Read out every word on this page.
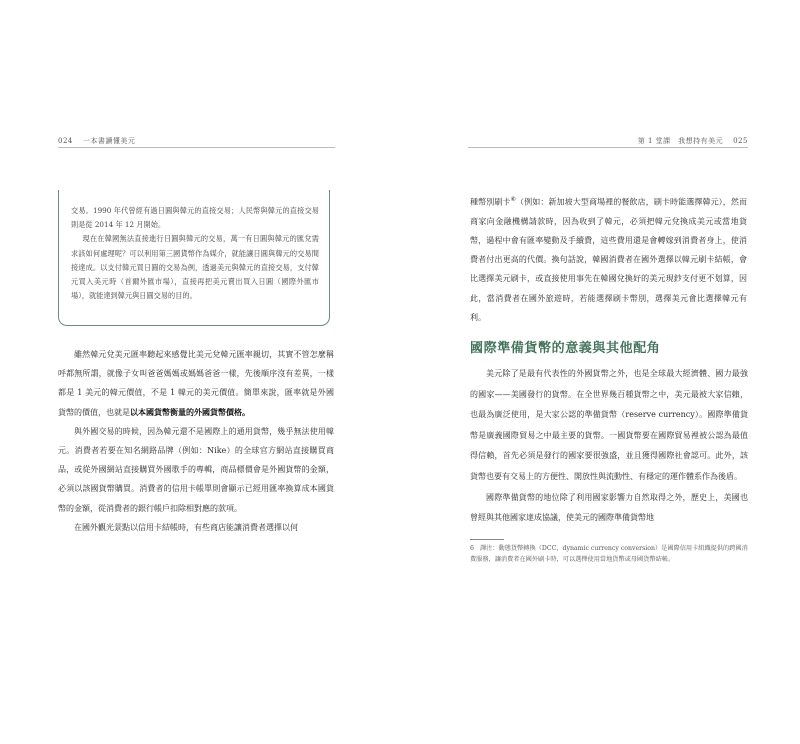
024 一本書讀懂美元

交易。1990 年代曾經有過日圓與韓元的直接交易；人民幣與韓元的直接交易則是從 2014 年 12 月開始。

現在在韓國無法直接進行日圓與韓元的交易，萬一有日圓與韓元的匯兌需求該如何處理呢？可以利用第三國貨幣作為媒介，就能讓日圓與韓元的交易間接達成。以支付韓元買日圓的交易為例，透過美元與韓元的直接交易，支付韓元買入美元時（首爾外匯市場），直接再把美元賣出買入日圓（國際外匯市場），就能達到韓元與日圓交易的目的。

雖然韓元兌美元匯率聽起來感覺比美元兌韓元匯率親切，其實不管怎麼稱呼都無所謂，就像子女叫爸爸媽媽或媽媽爸爸一樣，先後順序沒有差異，一樣都是 1 美元的韓元價值，不是 1 韓元的美元價值。簡單來說，匯率就是外國貨幣的價值，也就是以本國貨幣衡量的外國貨幣價格。

與外國交易的時候，因為韓元還不是國際上的通用貨幣，幾乎無法使用韓元。消費者若要在知名網路品牌（例如：Nike）的全球官方網站直接購買商品，或從外國網站直接購買外國歌手的專輯，商品標價會是外國貨幣的金額，必須以該國貨幣購買。消費者的信用卡帳單則會顯示已經用匯率換算成本國貨幣的金額，從消費者的銀行帳戶扣除相對應的款項。

在國外觀光景點以信用卡結帳時，有些商店能讓消費者選擇以何

第 1 堂課　我想持有美元 025

種幣別刷卡⑥（例如：新加坡大型商場裡的餐飲店，刷卡時能選擇韓元），然而商家向金融機構請款時，因為收到了韓元，必須把韓元兌換成美元或當地貨幣，過程中會有匯率變動及手續費，這些費用還是會轉嫁到消費者身上，使消費者付出更高的代價。換句話說，韓國消費者在國外選擇以韓元刷卡結帳，會比選擇美元刷卡，或直接使用事先在韓國兌換好的美元現鈔支付更不划算，因此，當消費者在國外旅遊時，若能選擇刷卡幣別，選擇美元會比選擇韓元有利。

國際準備貨幣的意義與其他配角

美元除了是最有代表性的外國貨幣之外，也是全球最大經濟體、國力最強的國家——美國發行的貨幣。在全世界幾百種貨幣之中，美元最被大家信賴，也最為廣泛使用，是大家公認的準備貨幣（reserve currency）。國際準備貨幣是廣義國際貿易之中最主要的貨幣。一國貨幣要在國際貿易裡被公認為最值得信賴，首先必須是發行的國家要很強盛，並且獲得國際社會認可。此外，該貨幣也要有交易上的方便性、開放性與流動性、有穩定的運作體系作為後盾。

國際準備貨幣的地位除了利用國家影響力自然取得之外，歷史上，美國也曾經與其他國家達成協議，使美元的國際準備貨幣地

6 譯注：動態貨幣轉換（DCC，dynamic currency conversion）是國際信用卡組織提供的跨國消費服務，讓消費者在國外刷卡時，可以選擇使用當地貨幣或母國貨幣結帳。
